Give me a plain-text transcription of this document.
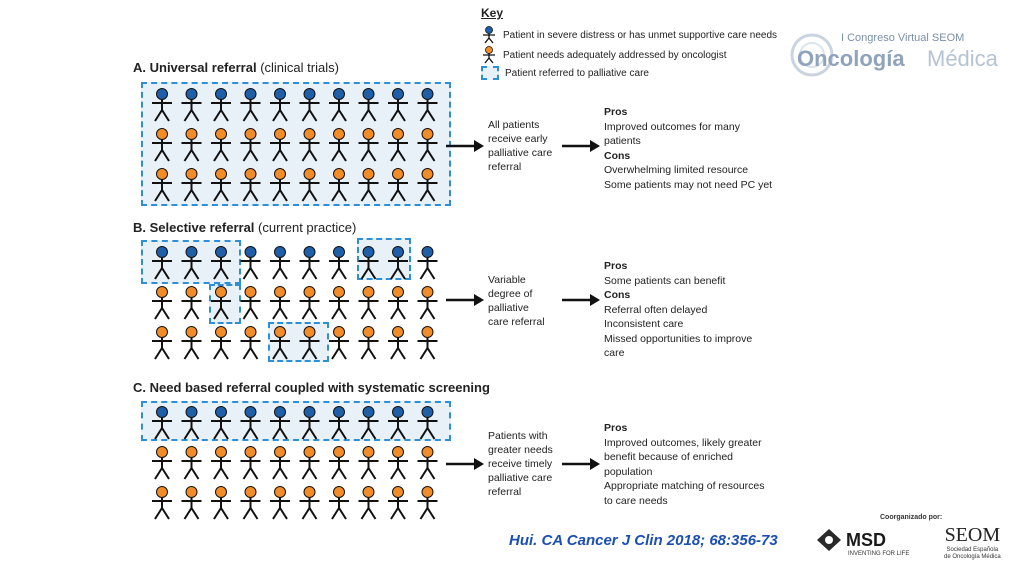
Key
Patient in severe distress or has unmet supportive care needs
Patient needs adequately addressed by oncologist
Patient referred to palliative care
A. Universal referral (clinical trials)
B. Selective referral (current practice)
C. Need based referral coupled with systematic screening
All patients
receive early
palliative care
referral
Variable
degree of
palliative
care referral
Patients with
greater needs
receive timely
palliative care
referral
Pros
Improved outcomes for many
patients
Cons
Overwhelming limited resource
Some patients may not need PC yet
Pros
Some patients can benefit
Cons
Referral often delayed
Inconsistent care
Missed opportunities to improve
care
Pros
Improved outcomes, likely greater
benefit because of enriched
population
Appropriate matching of resources
to care needs
Hui. CA Cancer J Clin 2018; 68:356-73
I Congreso Virtual SEOM
Oncología Médica
Coorganizado por:
MSD
INVENTING FOR LIFE
SEOM
Sociedad Española
de Oncología Médica
